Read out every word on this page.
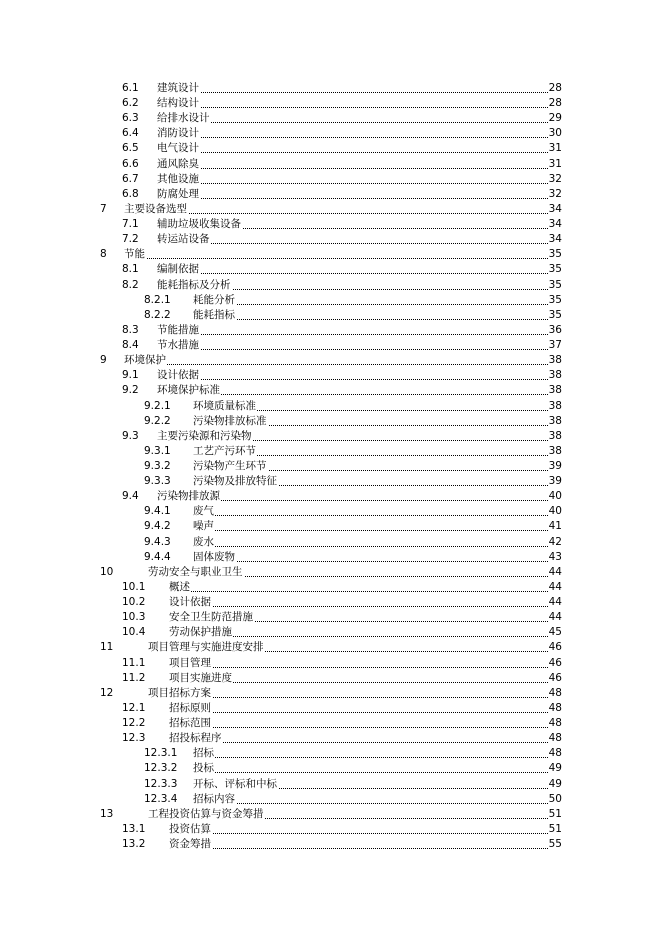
6.1 建筑设计	28
6.2 结构设计	28
6.3 给排水设计	29
6.4 消防设计	30
6.5 电气设计	31
6.6 通风除臭	31
6.7 其他设施	32
6.8 防腐处理	32
7 主要设备选型	34
7.1 辅助垃圾收集设备	34
7.2 转运站设备	34
8 节能	35
8.1 编制依据	35
8.2 能耗指标及分析	35
8.2.1 耗能分析	35
8.2.2 能耗指标	35
8.3 节能措施	36
8.4 节水措施	37
9 环境保护	38
9.1 设计依据	38
9.2 环境保护标准	38
9.2.1 环境质量标准	38
9.2.2 污染物排放标准	38
9.3 主要污染源和污染物	38
9.3.1 工艺产污环节	38
9.3.2 污染物产生环节	39
9.3.3 污染物及排放特征	39
9.4 污染物排放源	40
9.4.1 废气	40
9.4.2 噪声	41
9.4.3 废水	42
9.4.4 固体废物	43
10	劳动安全与职业卫生	44
10.1 概述	44
10.2 设计依据	44
10.3 安全卫生防范措施	44
10.4 劳动保护措施	45
11	项目管理与实施进度安排	46
11.1 项目管理	46
11.2 项目实施进度	46
12	项目招标方案	48
12.1 招标原则	48
12.2 招标范围	48
12.3 招投标程序	48
12.3.1 招标	48
12.3.2 投标	49
12.3.3 开标、评标和中标	49
12.3.4 招标内容	50
13	工程投资估算与资金筹措	51
13.1 投资估算	51
13.2 资金筹措	55
